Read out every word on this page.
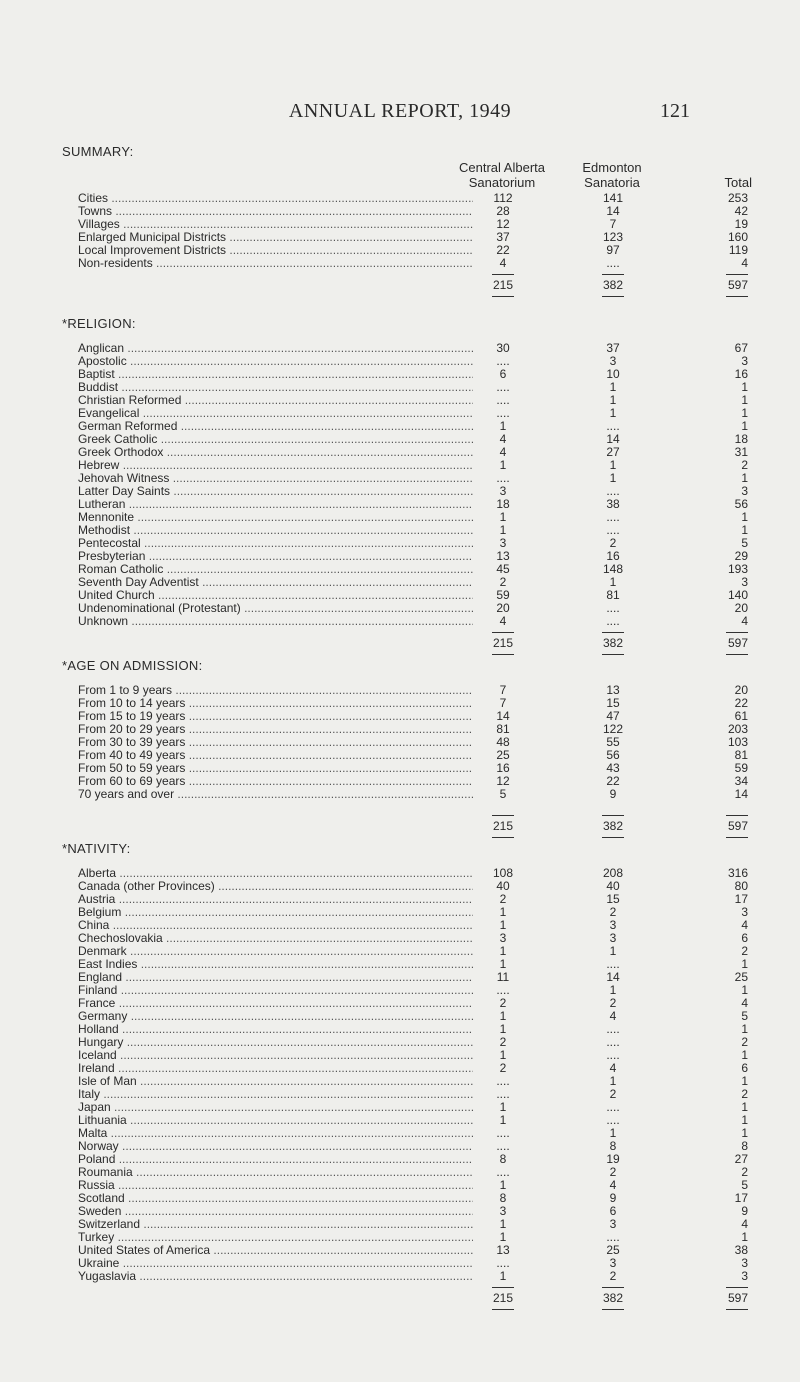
ANNUAL REPORT, 1949	121
SUMMARY:
Central Alberta
Sanatorium
Edmonton
Sanatoria	Total
Cities .....	112	141	253
Towns .....	28	14	42
Villages .....	12	7	19
Enlarged Municipal Districts .....	37	123	160
Local Improvement Districts .....	22	97	119
Non-residents .....	4	....	4
215	382	597
*RELIGION:
Anglican .....	30	37	67
Apostolic .....	....	3	3
Baptist .....	6	10	16
Buddist .....	....	1	1
Christian Reformed .....	....	1	1
Evangelical .....	....	1	1
German Reformed .....	1	....	1
Greek Catholic .....	4	14	18
Greek Orthodox .....	4	27	31
Hebrew .....	1	1	2
Jehovah Witness .....	....	1	1
Latter Day Saints .....	3	....	3
Lutheran .....	18	38	56
Mennonite .....	1	....	1
Methodist .....	1	....	1
Pentecostal .....	3	2	5
Presbyterian .....	13	16	29
Roman Catholic .....	45	148	193
Seventh Day Adventist .....	2	1	3
United Church .....	59	81	140
Undenominational (Protestant) .....	20	....	20
Unknown .....	4	....	4
215	382	597
*AGE ON ADMISSION:
From 1 to 9 years .....	7	13	20
From 10 to 14 years .....	7	15	22
From 15 to 19 years .....	14	47	61
From 20 to 29 years .....	81	122	203
From 30 to 39 years .....	48	55	103
From 40 to 49 years .....	25	56	81
From 50 to 59 years .....	16	43	59
From 60 to 69 years .....	12	22	34
70 years and over .....	5	9	14
215	382	597
*NATIVITY:
Alberta .....	108	208	316
Canada (other Provinces) .....	40	40	80
Austria .....	2	15	17
Belgium .....	1	2	3
China .....	1	3	4
Chechoslovakia .....	3	3	6
Denmark .....	1	1	2
East Indies .....	1	....	1
England .....	11	14	25
Finland .....	....	1	1
France .....	2	2	4
Germany .....	1	4	5
Holland .....	1	....	1
Hungary .....	2	....	2
Iceland .....	1	....	1
Ireland .....	2	4	6
Isle of Man .....	....	1	1
Italy .....	....	2	2
Japan .....	1	....	1
Lithuania .....	1	....	1
Malta .....	....	1	1
Norway .....	....	8	8
Poland .....	8	19	27
Roumania .....	....	2	2
Russia .....	1	4	5
Scotland .....	8	9	17
Sweden .....	3	6	9
Switzerland .....	1	3	4
Turkey .....	1	....	1
United States of America .....	13	25	38
Ukraine .....	....	3	3
Yugaslavia .....	1	2	3
215	382	597
